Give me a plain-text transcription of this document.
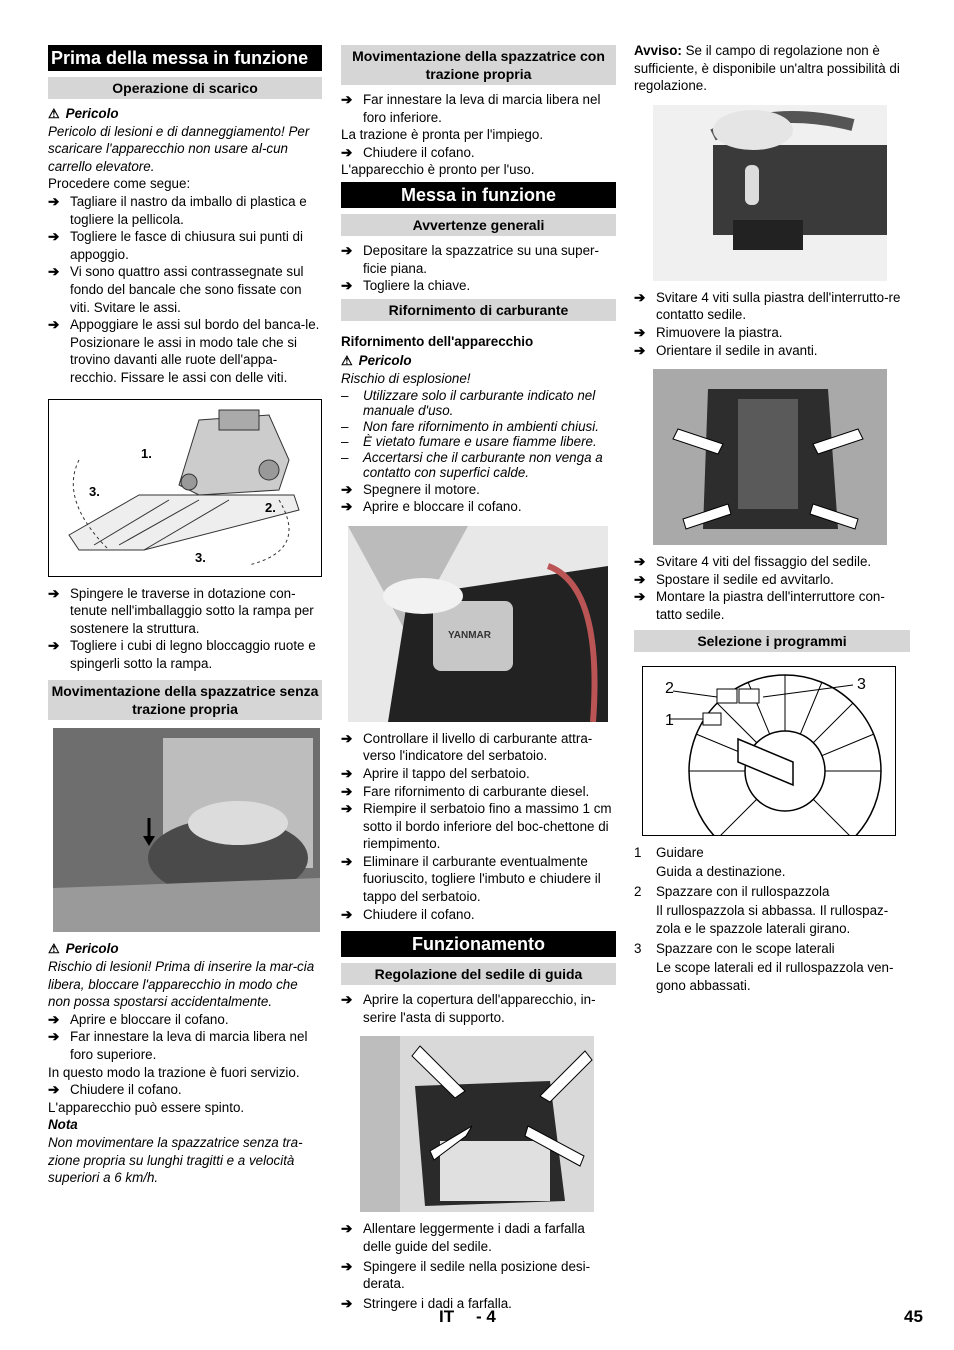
Prima della messa in funzione
Operazione di scarico
⚠ Pericolo
Pericolo di lesioni e di danneggiamento! Per scaricare l'apparecchio non usare al-cun carrello elevatore.
Procedere come segue:
➔ Tagliare il nastro da imballo di plastica e togliere la pellicola.
➔ Togliere le fasce di chiusura sui punti di appoggio.
➔ Vi sono quattro assi contrassegnate sul fondo del bancale che sono fissate con viti. Svitare le assi.
➔ Appoggiare le assi sul bordo del banca-le. Posizionare le assi in modo tale che si trovino davanti alle ruote dell'appa-recchio. Fissare le assi con delle viti.
1.
2.
3.
3.
➔ Spingere le traverse in dotazione con-tenute nell'imballaggio sotto la rampa per sostenere la struttura.
➔ Togliere i cubi di legno bloccaggio ruote e spingerli sotto la rampa.
Movimentazione della spazzatrice senza trazione propria
⚠ Pericolo
Rischio di lesioni! Prima di inserire la mar-cia libera, bloccare l'apparecchio in modo che non possa spostarsi accidentalmente.
➔ Aprire e bloccare il cofano.
➔ Far innestare la leva di marcia libera nel foro superiore.
In questo modo la trazione è fuori servizio.
➔ Chiudere il cofano.
L'apparecchio può essere spinto.
Nota
Non movimentare la spazzatrice senza tra-zione propria su lunghi tragitti e a velocità superiori a 6 km/h.
Movimentazione della spazzatrice con trazione propria
➔ Far innestare la leva di marcia libera nel foro inferiore.
La trazione è pronta per l'impiego.
➔ Chiudere il cofano.
L'apparecchio è pronto per l'uso.
Messa in funzione
Avvertenze generali
➔ Depositare la spazzatrice su una super-ficie piana.
➔ Togliere la chiave.
Rifornimento di carburante
Rifornimento dell'apparecchio
⚠ Pericolo
Rischio di esplosione!
– Utilizzare solo il carburante indicato nel manuale d'uso.
– Non fare rifornimento in ambienti chiusi.
– È vietato fumare e usare fiamme libere.
– Accertarsi che il carburante non venga a contatto con superfici calde.
➔ Spegnere il motore.
➔ Aprire e bloccare il cofano.
YANMAR
➔ Controllare il livello di carburante attra-verso l'indicatore del serbatoio.
➔ Aprire il tappo del serbatoio.
➔ Fare rifornimento di carburante diesel.
➔ Riempire il serbatoio fino a massimo 1 cm sotto il bordo inferiore del boc-chettone di riempimento.
➔ Eliminare il carburante eventualmente fuoriuscito, togliere l'imbuto e chiudere il tappo del serbatoio.
➔ Chiudere il cofano.
Funzionamento
Regolazione del sedile di guida
➔ Aprire la copertura dell'apparecchio, in-serire l'asta di supporto.
➔ Allentare leggermente i dadi a farfalla delle guide del sedile.
➔ Spingere il sedile nella posizione desi-derata.
➔ Stringere i dadi a farfalla.
Avviso: Se il campo di regolazione non è sufficiente, è disponibile un'altra possibilità di regolazione.
➔ Svitare 4 viti sulla piastra dell'interrutto-re contatto sedile.
➔ Rimuovere la piastra.
➔ Orientare il sedile in avanti.
➔ Svitare 4 viti del fissaggio del sedile.
➔ Spostare il sedile ed avvitarlo.
➔ Montare la piastra dell'interruttore con-tatto sedile.
Selezione i programmi
2
1
3
1 Guidare
Guida a destinazione.
2 Spazzare con il rullospazzola
Il rullospazzola si abbassa. Il rullospaz-zola e le spazzole laterali girano.
3 Spazzare con le scope laterali
Le scope laterali ed il rullospazzola ven-gono abbassati.
IT - 4	45
